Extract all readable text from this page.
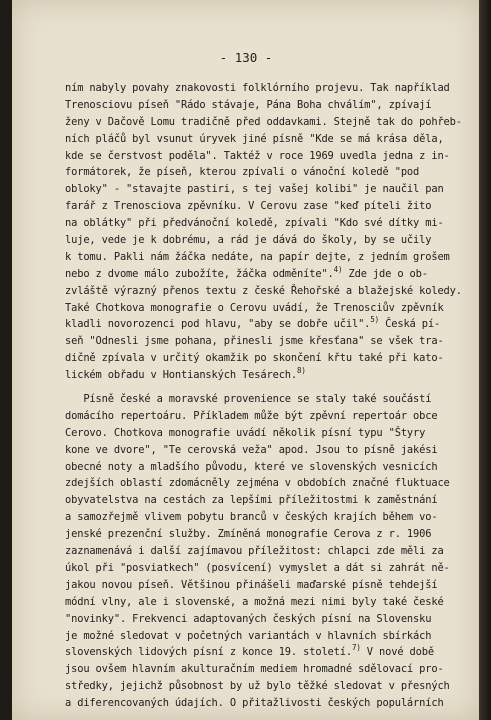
- 130 -
ním nabyly povahy znakovosti folklórního projevu. Tak například
Trenosciovu píseň "Rádo stávaje, Pána Boha chválím", zpívají
ženy v Dačově Lomu tradičně před oddavkami. Stejně tak do pohřeb-
ních pláčů byl vsunut úryvek jiné písně "Kde se má krása děla,
kde se čerstvost poděla". Taktéž v roce 1969 uvedla jedna z in-
formátorek, že píseň, kterou zpívali o vánoční koledě "pod
obloky" - "stavajte pastiri, s tej vašej kolibi" je naučil pan
farář z Trenosciova zpěvníku. V Cerovu zase "keď píteli žito
na oblátky" při předvánoční koledě, zpívali "Kdo své dítky mi-
luje, vede je k dobrému, a rád je dává do školy, by se učily
k tomu. Pakli nám žáčka nedáte, na papír dejte, z jedním grošem
nebo z dvome málo zubožíte, žáčka odměníte".$^{4)}$ Zde jde o ob-
zvláště výrazný přenos textu z české Řehořské a blažejské koledy.
Také Chotkova monografie o Cerovu uvádí, že Trenosciův zpěvník
kladli novorozenci pod hlavu, "aby se dobře učil".$^{5)}$ Česká pí-
seň "Odnesli jsme pohana, přinesli jsme křesťana" se všek tra-
dičně zpívala v určitý okamžik po skončení křtu také při kato-
lickém obřadu v Hontianských Tesárech.$^{8)}$
Písně české a moravské provenience se staly také součástí
domácího repertoáru. Příkladem může být zpěvní repertoár obce
Cerovo. Chotkova monografie uvádí několik písní typu "Štyry
kone ve dvore", "Te cerovská veža" apod. Jsou to písně jakési
obecné noty a mladšího původu, které ve slovenských vesnicích
zdejších oblastí zdomácněly zejména v obdobích značné fluktuace
obyvatelstva na cestách za lepšími příležitostmi k zaměstnání
a samozřejmě vlivem pobytu branců v českých krajích během vo-
jenské prezenční služby. Zmíněná monografie Cerova z r. 1906
zaznamenává i další zajímavou příležitost: chlapci zde měli za
úkol při "posviatkech" (posvícení) vymyslet a dát si zahrát ně-
jakou novou píseň. Většinou přinášeli maďarské písně tehdejší
módní vlny, ale i slovenské, a možná mezi nimi byly také české
"novinky". Frekvenci adaptovaných českých písní na Slovensku
je možné sledovat v početných variantách v hlavních sbírkách
slovenských lidových písní z konce 19. století.$^{7)}$ V nové době
jsou ovšem hlavním akulturačním mediem hromadné sdělovací pro-
středky, jejichž působnost by už bylo těžké sledovat v přesných
a diferencovaných údajích. O přitažlivosti českých populárních
